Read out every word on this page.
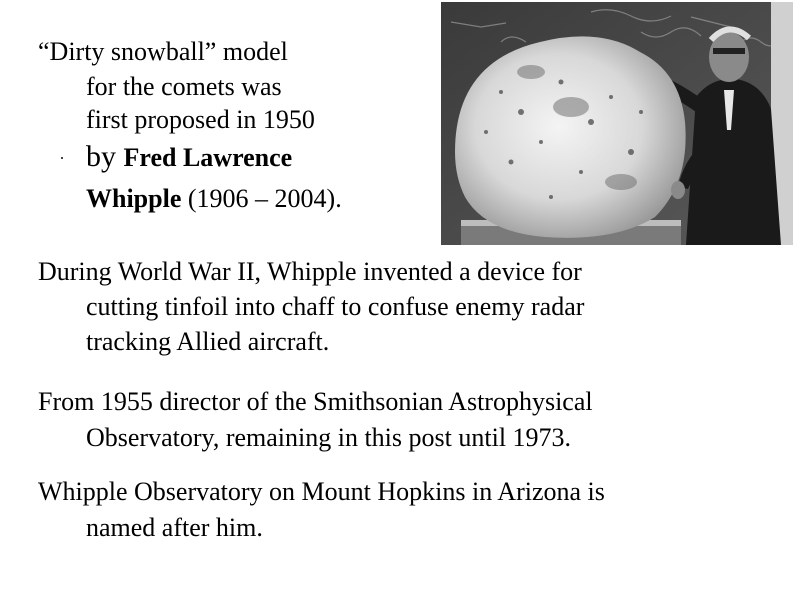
“Dirty snowball” model
for the comets was
first proposed in 1950
by Fred Lawrence
Whipple (1906 – 2004).
During World War II, Whipple invented a device for
cutting tinfoil into chaff to confuse enemy radar
tracking Allied aircraft.
From 1955 director of the Smithsonian Astrophysical
Observatory, remaining in this post until 1973.
Whipple Observatory on Mount Hopkins in Arizona is
named after him.
